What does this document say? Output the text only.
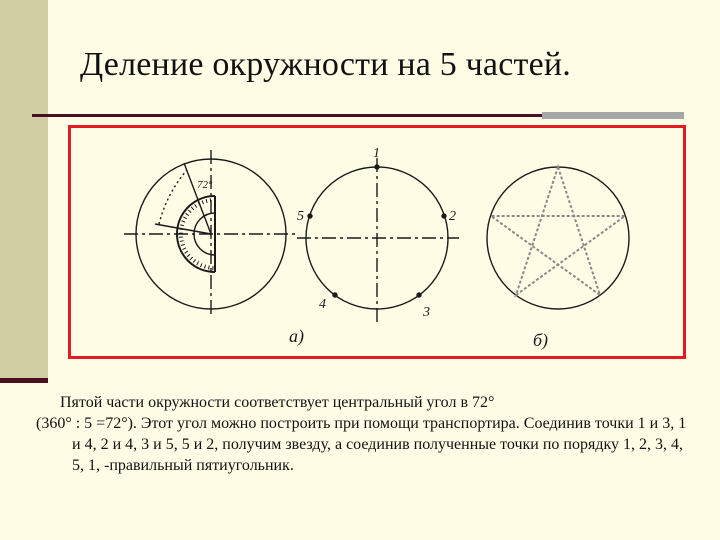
Деление окружности на 5 частей.
72°
1
2
3
4
5
а)	б)

Пятой части окружности соответствует центральный угол в 72°

(360° : 5 =72°). Этот угол можно построить при помощи транспортира. Соединив точки 1 и 3, 1 и 4, 2 и 4, 3 и 5, 5 и 2, получим звезду, а соединив полученные точки по порядку 1, 2, 3, 4, 5, 1, -правильный пятиугольник.
